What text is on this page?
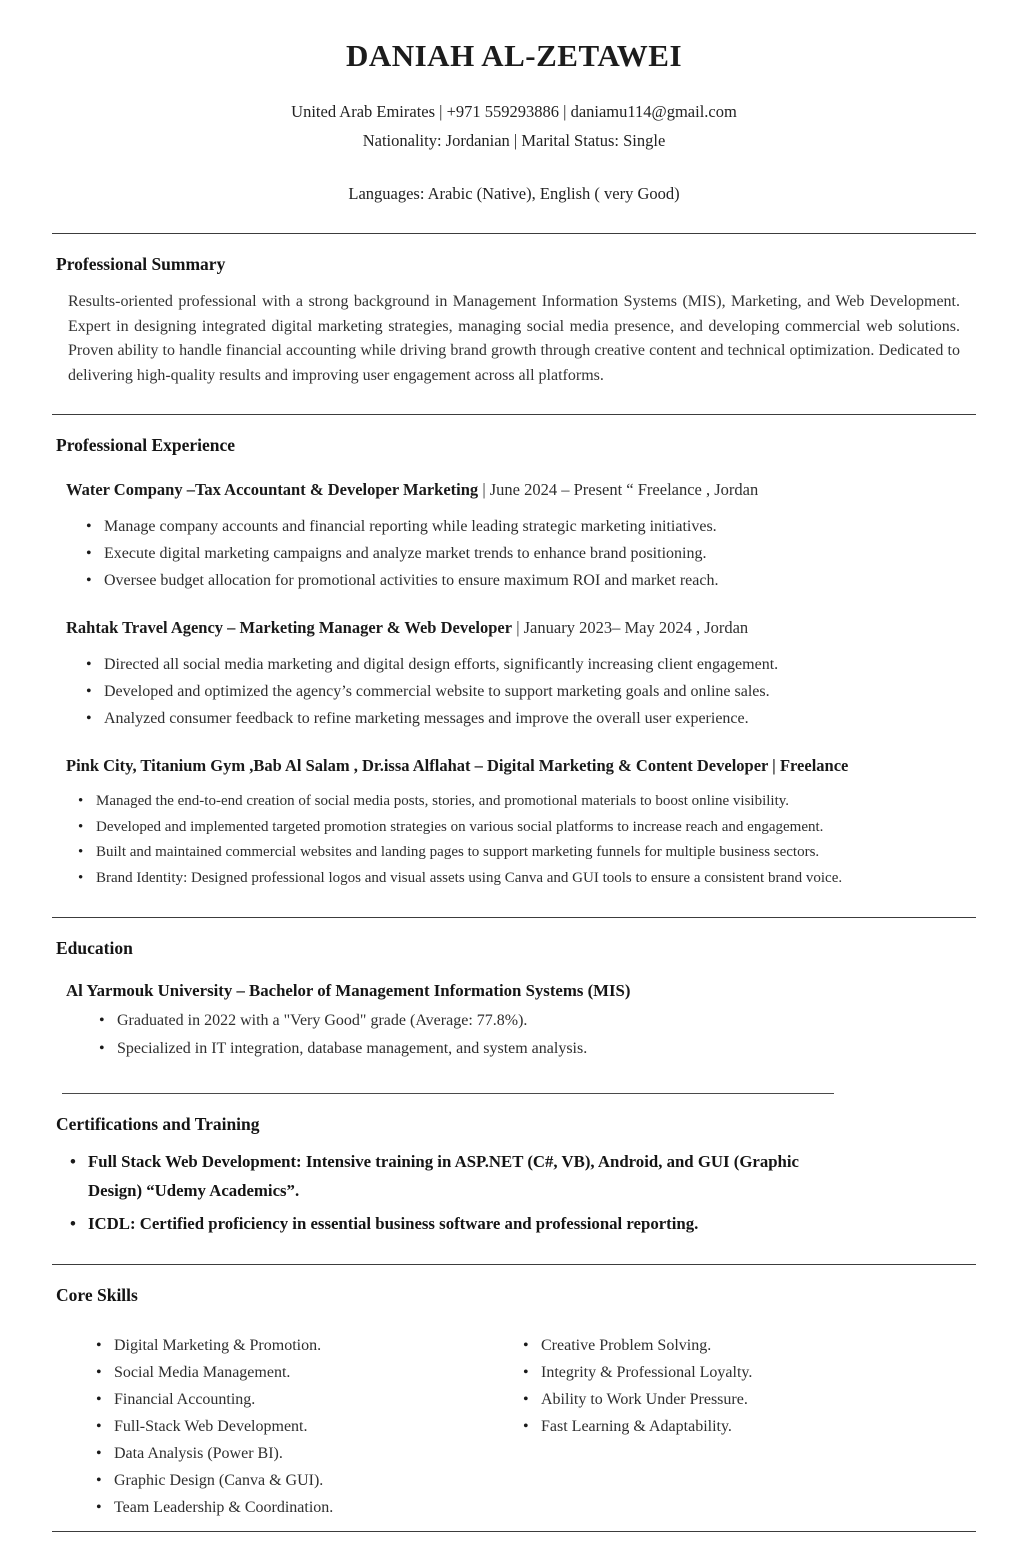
DANIAH AL-ZETAWEI

United Arab Emirates | +971 559293886 | daniamu114@gmail.com

Nationality: Jordanian | Marital Status: Single

Languages: Arabic (Native), English ( very Good)

Professional Summary

Results-oriented professional with a strong background in Management Information Systems (MIS), Marketing, and Web Development. Expert in designing integrated digital marketing strategies, managing social media presence, and developing commercial web solutions. Proven ability to handle financial accounting while driving brand growth through creative content and technical optimization. Dedicated to delivering high-quality results and improving user engagement across all platforms.

Professional Experience
Water Company –Tax Accountant & Developer Marketing | June 2024 – Present “ Freelance , Jordan
• Manage company accounts and financial reporting while leading strategic marketing initiatives.
• Execute digital marketing campaigns and analyze market trends to enhance brand positioning.
• Oversee budget allocation for promotional activities to ensure maximum ROI and market reach.
Rahtak Travel Agency – Marketing Manager & Web Developer | January 2023– May 2024 , Jordan
• Directed all social media marketing and digital design efforts, significantly increasing client engagement.
• Developed and optimized the agency’s commercial website to support marketing goals and online sales.
• Analyzed consumer feedback to refine marketing messages and improve the overall user experience.
Pink City, Titanium Gym ,Bab Al Salam , Dr.issa Alflahat – Digital Marketing & Content Developer | Freelance
• Managed the end-to-end creation of social media posts, stories, and promotional materials to boost online visibility.
• Developed and implemented targeted promotion strategies on various social platforms to increase reach and engagement.
• Built and maintained commercial websites and landing pages to support marketing funnels for multiple business sectors.
• Brand Identity: Designed professional logos and visual assets using Canva and GUI tools to ensure a consistent brand voice.
Education
Al Yarmouk University – Bachelor of Management Information Systems (MIS)
• Graduated in 2022 with a "Very Good" grade (Average: 77.8%).
• Specialized in IT integration, database management, and system analysis.
Certifications and Training
• Full Stack Web Development: Intensive training in ASP.NET (C#, VB), Android, and GUI (Graphic Design) “Udemy Academics”.
• ICDL: Certified proficiency in essential business software and professional reporting.
Core Skills
• Digital Marketing & Promotion.
• Social Media Management.
• Financial Accounting.
• Full-Stack Web Development.
• Data Analysis (Power BI).
• Graphic Design (Canva & GUI).
• Team Leadership & Coordination.
• Creative Problem Solving.
• Integrity & Professional Loyalty.
• Ability to Work Under Pressure.
• Fast Learning & Adaptability.
